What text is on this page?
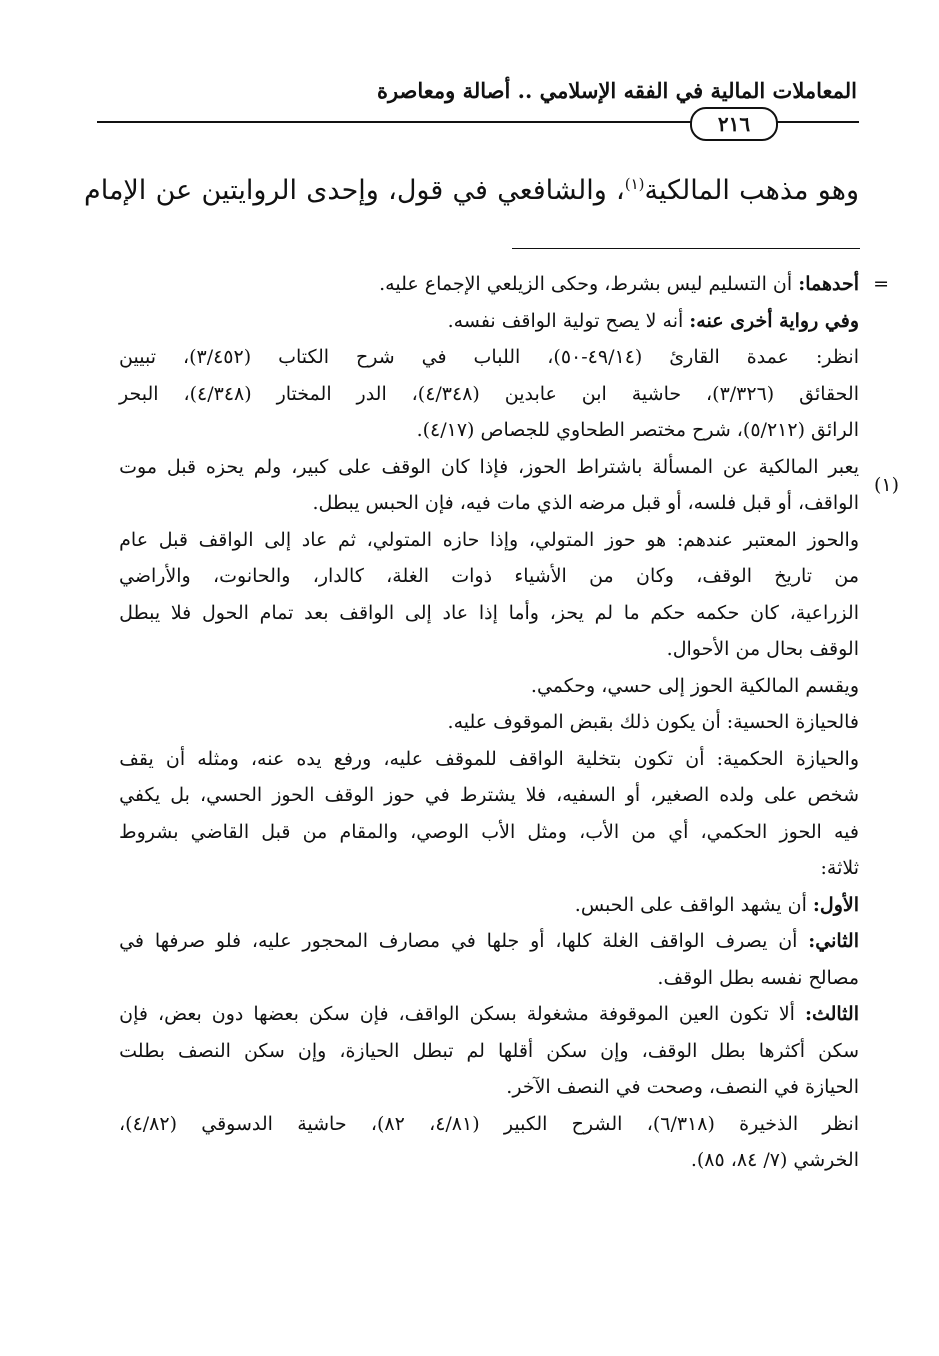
المعاملات المالية في الفقه الإسلامي .. أصالة ومعاصرة
٢١٦

وهو مذهب المالكية$^{(١)}$، والشافعي في قول، وإحدى الروايتين عن الإمام

=
(١)
أحدهما:
أن التسليم ليس بشرط، وحكى الزيلعي الإجماع عليه.
وفي رواية أخرى عنه:
أنه لا يصح تولية الواقف نفسه.
انظر:
عمدة
القارئ
(٤٩/١٤-٥٠)،
اللباب
في
شرح
الكتاب
(٣/٤٥٢)،
تبيين
الحقائق
(٣/٣٢٦)،
حاشية
ابن
عابدين
(٤/٣٤٨)،
الدر
المختار
(٤/٣٤٨)،
البحر
الرائق (٥/٢١٢)، شرح مختصر الطحاوي للجصاص (٤/١٧).
يعبر
المالكية
عن
المسألة
باشتراط
الحوز،
فإذا
كان
الوقف
على
كبير،
ولم
يحزه
قبل
موت
الواقف، أو قبل فلسه، أو قبل مرضه الذي مات فيه، فإن الحبس يبطل.
والحوز
المعتبر
عندهم:
هو
حوز
المتولي،
وإذا
حازه
المتولي،
ثم
عاد
إلى
الواقف
قبل
عام
من
تاريخ
الوقف،
وكان
من
الأشياء
ذوات
الغلة،
كالدار،
والحانوت،
والأراضي
الزراعية،
كان
حكمه
حكم
ما
لم
يحز،
وأما
إذا
عاد
إلى
الواقف
بعد
تمام
الحول
فلا
يبطل
الوقف بحال من الأحوال.
ويقسم المالكية الحوز إلى حسي، وحكمي.
فالحيازة الحسية: أن يكون ذلك بقبض الموقوف عليه.
والحيازة
الحكمية:
أن
تكون
بتخلية
الواقف
للموقف
عليه،
ورفع
يده
عنه،
ومثله
أن
يقف
شخص
على
ولده
الصغير،
أو
السفيه،
فلا
يشترط
في
حوز
الوقف
الحوز
الحسي،
بل
يكفي
فيه
الحوز
الحكمي،
أي
من
الأب،
ومثل
الأب
الوصي،
والمقام
من
قبل
القاضي
بشروط
ثلاثة:
الأول:
أن يشهد الواقف على الحبس.
الثاني:
أن
يصرف
الواقف
الغلة
كلها،
أو
جلها
في
مصارف
المحجور
عليه،
فلو
صرفها
في
مصالح نفسه بطل الوقف.
الثالث:
ألا
تكون
العين
الموقوفة
مشغولة
بسكن
الواقف،
فإن
سكن
بعضها
دون
بعض،
فإن
سكن
أكثرها
بطل
الوقف،
وإن
سكن
أقلها
لم
تبطل
الحيازة،
وإن
سكن
النصف
بطلت
الحيازة في النصف، وصحت في النصف الآخر.
انظر
الذخيرة
(٦/٣١٨)،
الشرح
الكبير
(٤/٨١،
٨٢)،
حاشية
الدسوقي
(٤/٨٢)،
الخرشي (٧/ ٨٤، ٨٥).
